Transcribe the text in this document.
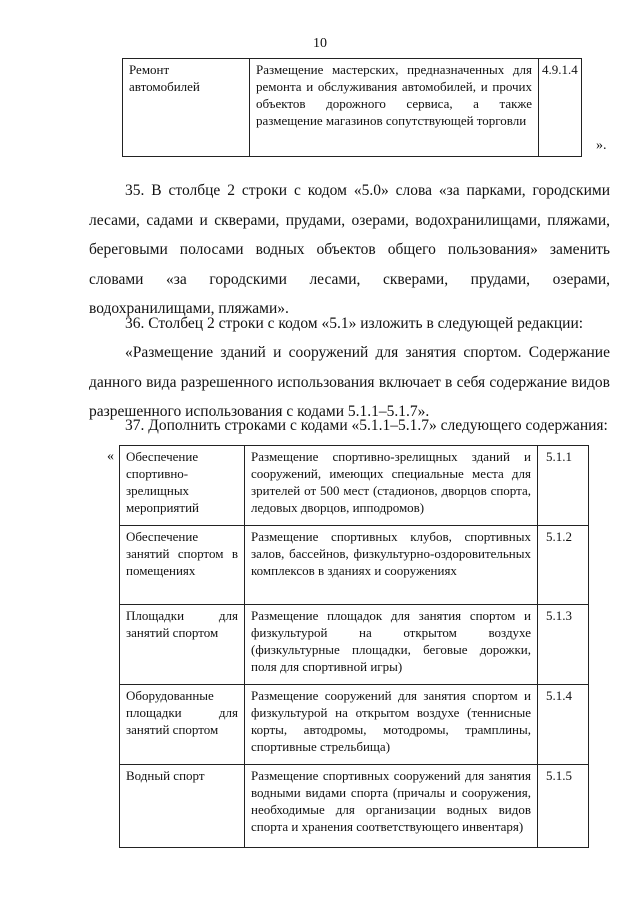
10
Ремонт автомобилей	Размещение мастерских, предназначенных для ремонта и обслуживания автомобилей, и прочих объектов дорожного сервиса, а также размещение магазинов сопутствующей торговли	4.9.1.4
».

35. В столбце 2 строки с кодом «5.0» слова «за парками, городскими лесами, садами и скверами, прудами, озерами, водохранилищами, пляжами, береговыми полосами водных объектов общего пользования» заменить словами «за городскими лесами, скверами, прудами, озерами, водохранилищами, пляжами».

36. Столбец 2 строки с кодом «5.1» изложить в следующей редакции:

«Размещение зданий и сооружений для занятия спортом. Содержание данного вида разрешенного использования включает в себя содержание видов разрешенного использования с кодами 5.1.1–5.1.7».

37. Дополнить строками с кодами «5.1.1–5.1.7» следующего содержания:

« Обеспечение спортивно-зрелищных мероприятий	Размещение спортивно-зрелищных зданий и сооружений, имеющих специальные места для зрителей от 500 мест (стадионов, дворцов спорта, ледовых дворцов, ипподромов)	5.1.1
Обеспечение занятий спортом в помещениях	Размещение спортивных клубов, спортивных залов, бассейнов, физкультурно-оздоровительных комплексов в зданиях и сооружениях	5.1.2
Площадки для занятий спортом	Размещение площадок для занятия спортом и физкультурой на открытом воздухе (физкультурные площадки, беговые дорожки, поля для спортивной игры)	5.1.3
Оборудованные площадки для занятий спортом	Размещение сооружений для занятия спортом и физкультурой на открытом воздухе (теннисные корты, автодромы, мотодромы, трамплины, спортивные стрельбища)	5.1.4
Водный спорт	Размещение спортивных сооружений для занятия водными видами спорта (причалы и сооружения, необходимые для организации водных видов спорта и хранения соответствующего инвентаря)	5.1.5
